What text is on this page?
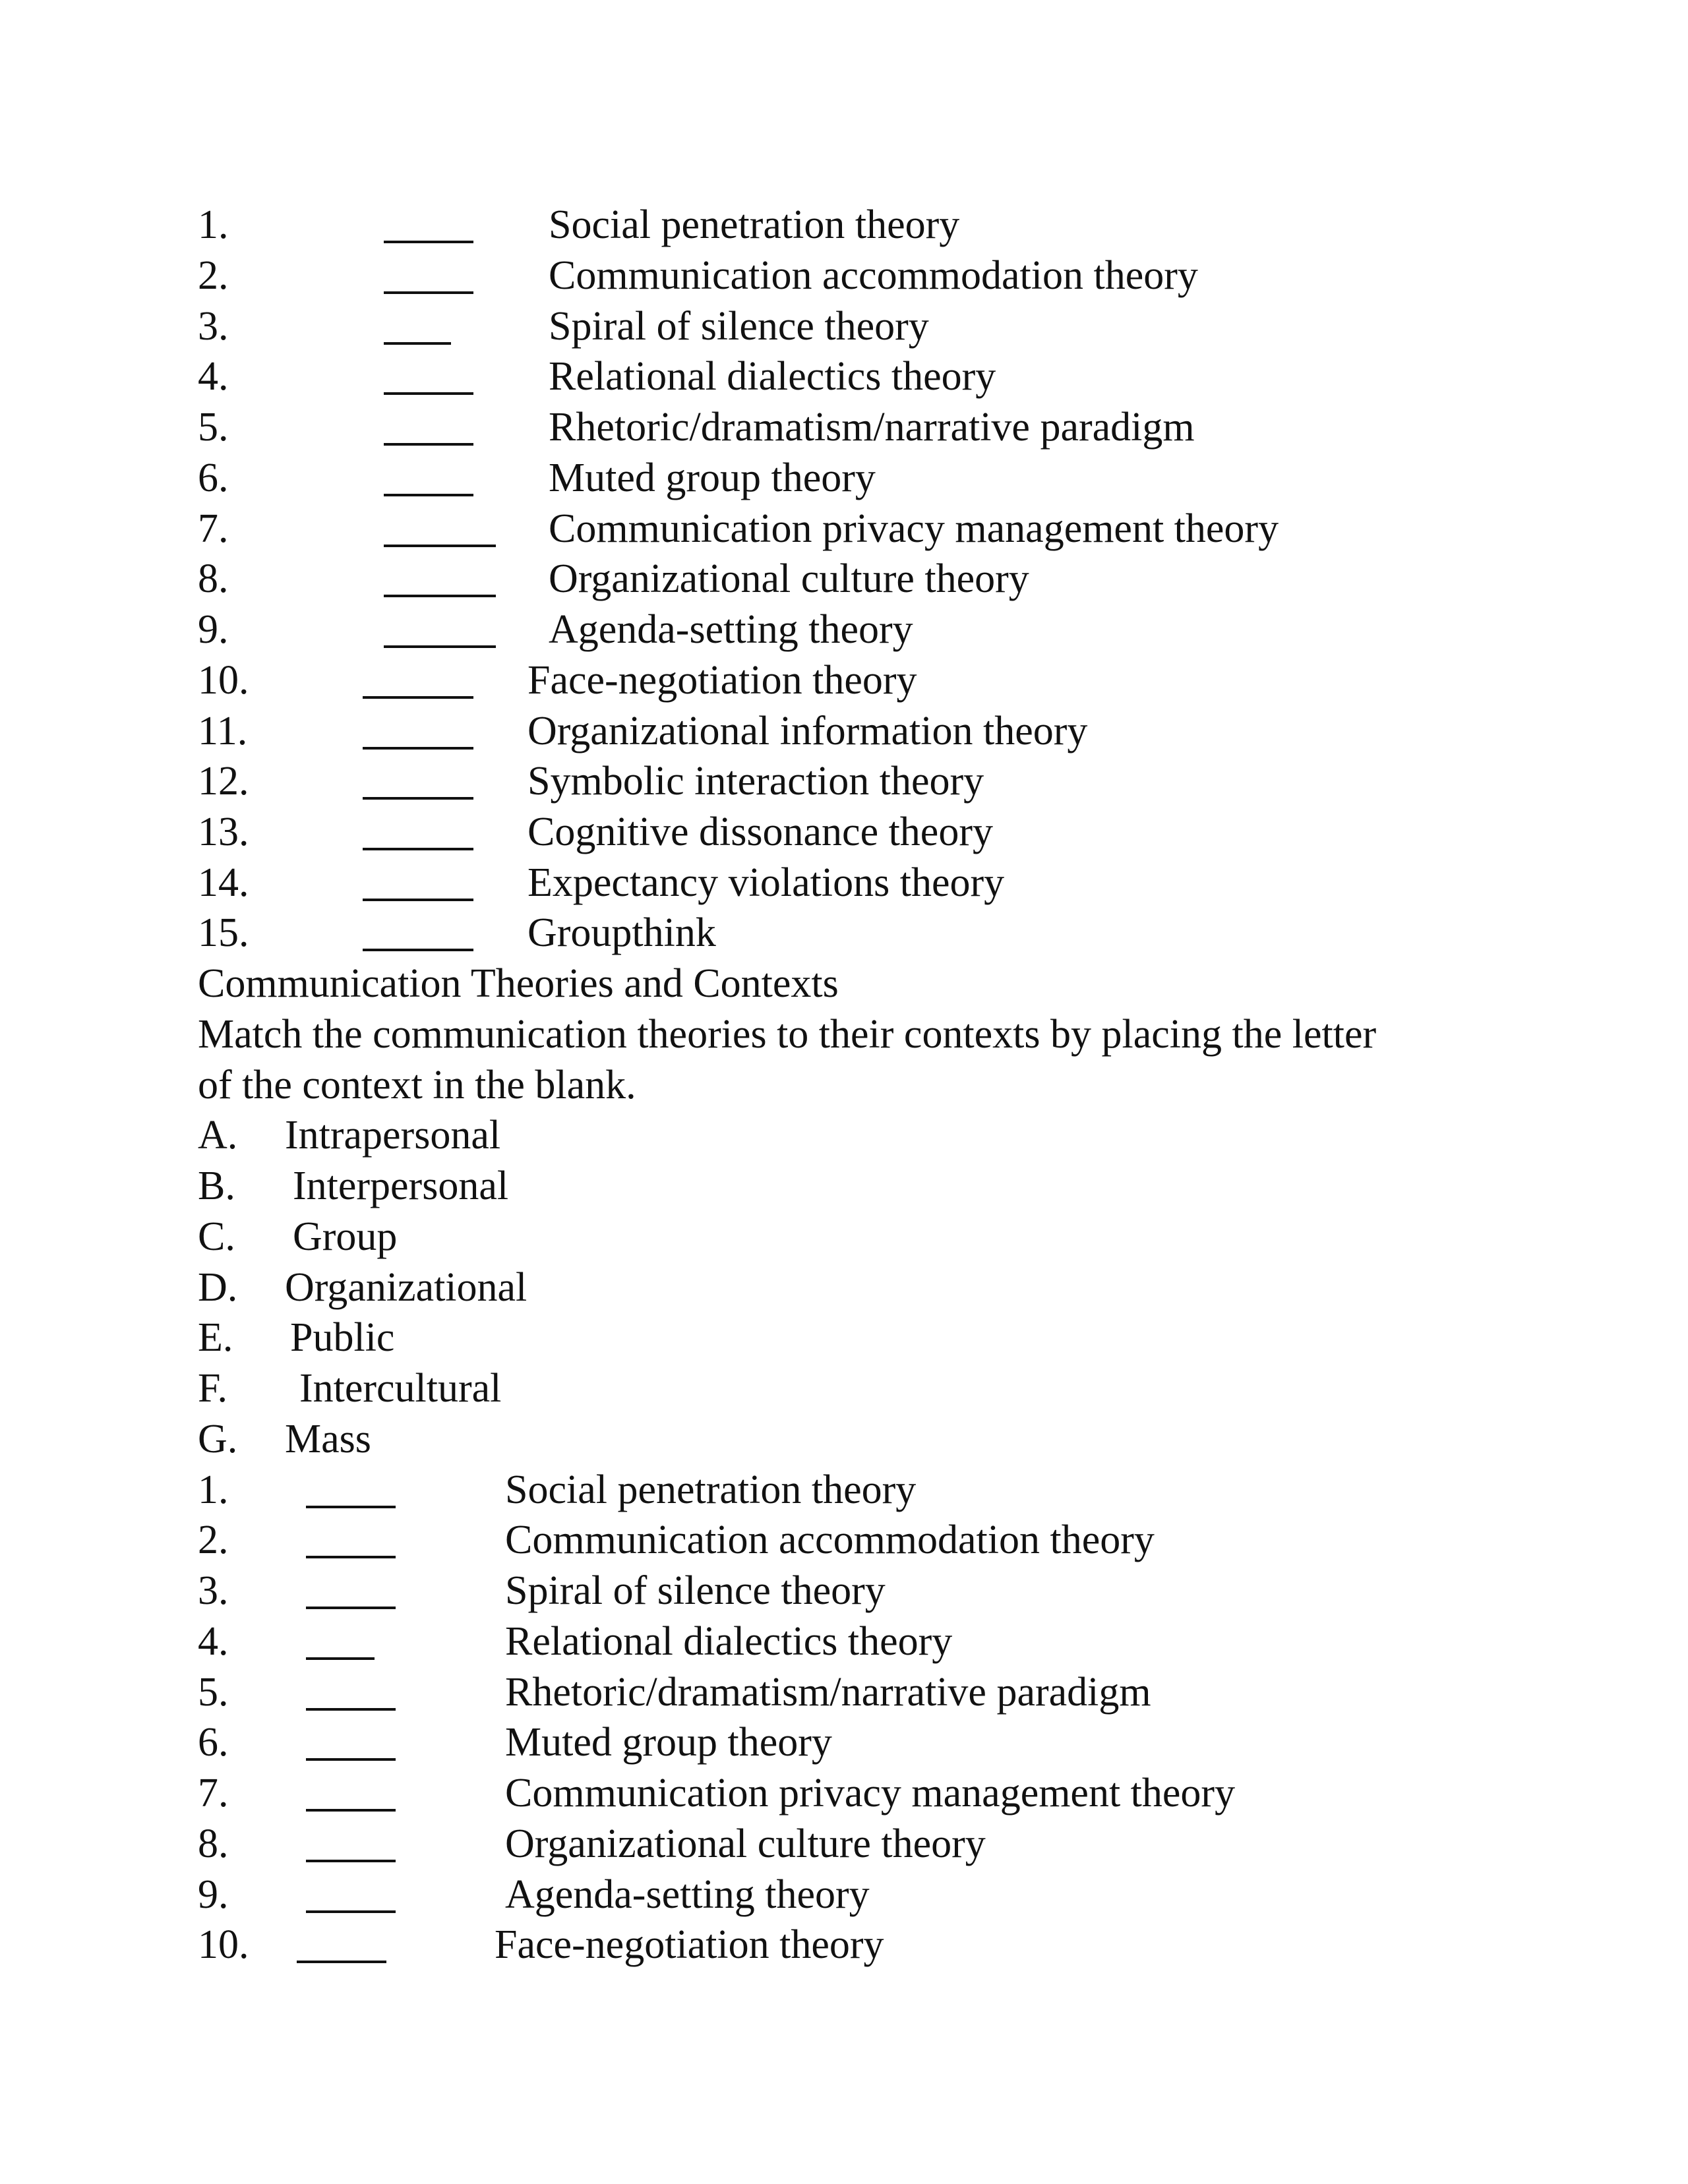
1.	Social penetration theory
2.	Communication accommodation theory
3.	Spiral of silence theory
4.	Relational dialectics theory
5.	Rhetoric/dramatism/narrative paradigm
6.	Muted group theory
7.	Communication privacy management theory
8.	Organizational culture theory
9.	Agenda-setting theory
10.	Face-negotiation theory
11.	Organizational information theory
12.	Symbolic interaction theory
13.	Cognitive dissonance theory
14.	Expectancy violations theory
15.	Groupthink
Communication Theories and Contexts
Match the communication theories to their contexts by placing the letter
of the context in the blank.
A. Intrapersonal
B. Interpersonal
C. Group
D. Organizational
E. Public
F. Intercultural
G. Mass
1.	Social penetration theory
2.	Communication accommodation theory
3.	Spiral of silence theory
4.	Relational dialectics theory
5.	Rhetoric/dramatism/narrative paradigm
6.	Muted group theory
7.	Communication privacy management theory
8.	Organizational culture theory
9.	Agenda-setting theory
10.	Face-negotiation theory
